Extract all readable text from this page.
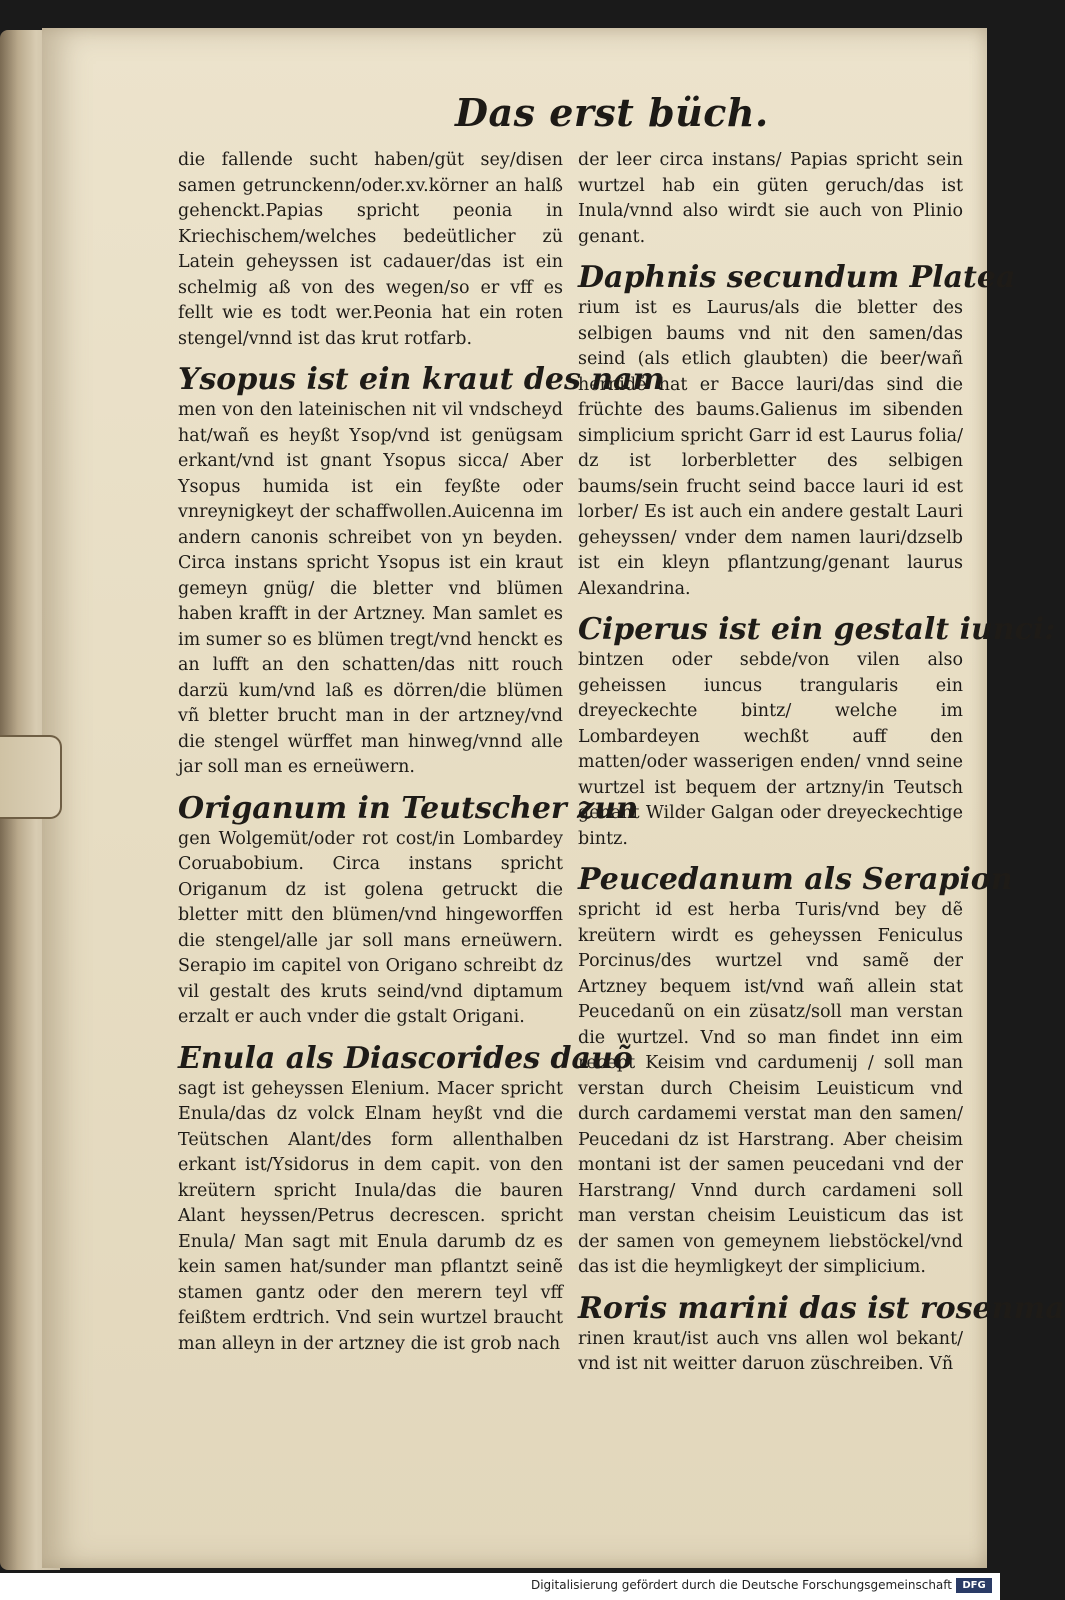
Das erst büch.
die fallende sucht haben/güt sey/disen samen getrunckenn/oder.xv.körner an halß gehenckt.Papias spricht peonia in Kriechischem/welches bedeütlicher zü Latein geheyssen ist cadauer/das ist ein schelmig aß von des wegen/so er vff es fellt wie es todt wer.Peonia hat ein roten stengel/vnnd ist das krut rotfarb.
Ysopus ist ein kraut des nam
men von den lateinischen nit vil vndscheyd hat/wañ es heyßt Ysop/vnd ist genügsam erkant/vnd ist gnant Ysopus sicca/ Aber Ysopus humida ist ein feyßte oder vnreynigkeyt der schaffwollen.Auicenna im andern canonis schreibet von yn beyden. Circa instans spricht Ysopus ist ein kraut gemeyn gnüg/ die bletter vnd blümen haben krafft in der Artzney. Man samlet es im sumer so es blümen tregt/vnd henckt es an lufft an den schatten/das nitt rouch darzü kum/vnd laß es dörren/die blümen vñ bletter brucht man in der artzney/vnd die stengel würffet man hinweg/vnnd alle jar soll man es erneüwern.
Origanum in Teutscher zun
gen Wolgemüt/oder rot cost/in Lombardey Coruabobium. Circa instans spricht Origanum dz ist golena getruckt die bletter mitt den blümen/vnd hingeworffen die stengel/alle jar soll mans erneüwern. Serapio im capitel von Origano schreibt dz vil gestalt des kruts seind/vnd diptamum erzalt er auch vnder die gstalt Origani.
Enula als Diascorides dauõ
sagt ist geheyssen Elenium. Macer spricht Enula/das dz volck Elnam heyßt vnd die Teütschen Alant/des form allenthalben erkant ist/Ysidorus in dem capit. von den kreütern spricht Inula/das die bauren Alant heyssen/Petrus decrescen. spricht Enula/ Man sagt mit Enula darumb dz es kein samen hat/sunder man pflantzt seinẽ stamen gantz oder den merern teyl vff feißtem erdtrich. Vnd sein wurtzel braucht man alleyn in der artzney die ist grob nach
der leer circa instans/ Papias spricht sein wurtzel hab ein güten geruch/das ist Inula/vnnd also wirdt sie auch von Plinio genant.
Daphnis secundum Platea
rium ist es Laurus/als die bletter des selbigen baums vnd nit den samen/das seind (als etlich glaubten) die beer/wañ hernidẽ hat er Bacce lauri/das sind die früchte des baums.Galienus im sibenden simplicium spricht Garr id est Laurus folia/ dz ist lorberbletter des selbigen baums/sein frucht seind bacce lauri id est lorber/ Es ist auch ein andere gestalt Lauri geheyssen/ vnder dem namen lauri/dzselb ist ein kleyn pflantzung/genant laurus Alexandrina.
Ciperus ist ein gestalt iunci:
bintzen oder sebde/von vilen also geheissen iuncus trangularis ein dreyeckechte bintz/ welche im Lombardeyen wechßt auff den matten/oder wasserigen enden/ vnnd seine wurtzel ist bequem der artzny/in Teutsch genant Wilder Galgan oder dreyeckechtige bintz.
Peucedanum als Serapion
spricht id est herba Turis/vnd bey dẽ kreütern wirdt es geheyssen Feniculus Porcinus/des wurtzel vnd samẽ der Artzney bequem ist/vnd wañ allein stat Peucedanũ on ein züsatz/soll man verstan die wurtzel. Vnd so man findet inn eim recept Keisim vnd cardumenij / soll man verstan durch Cheisim Leuisticum vnd durch cardamemi verstat man den samen/ Peucedani dz ist Harstrang. Aber cheisim montani ist der samen peucedani vnd der Harstrang/ Vnnd durch cardameni soll man verstan cheisim Leuisticum das ist der samen von gemeynem liebstöckel/vnd das ist die heymligkeyt der simplicium.
Roris marini das ist rosenma
rinen kraut/ist auch vns allen wol bekant/ vnd ist nit weitter daruon züschreiben. Vñ
Digitalisierung gefördert durch die Deutsche Forschungsgemeinschaft	DFG
